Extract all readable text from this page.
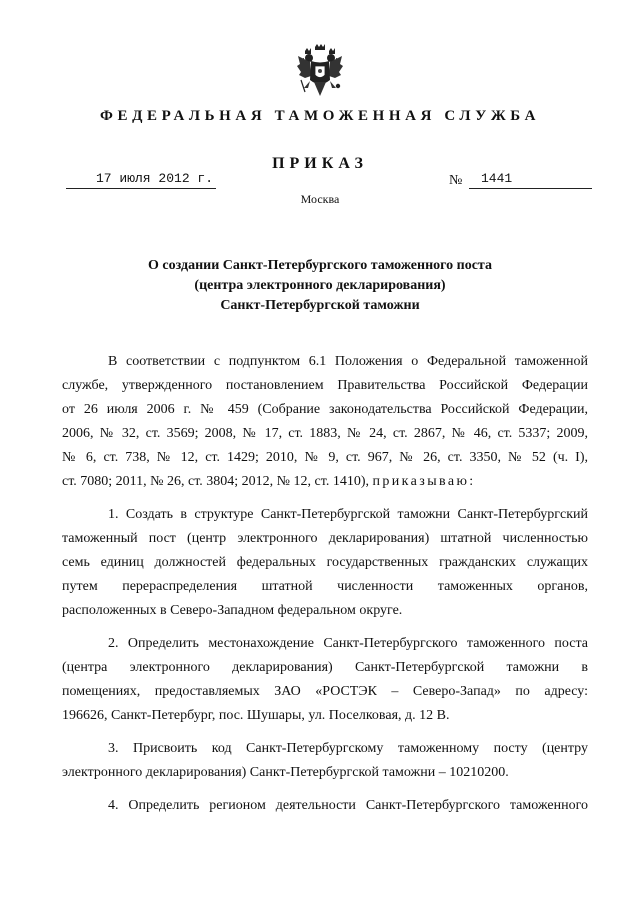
ФЕДЕРАЛЬНАЯ ТАМОЖЕННАЯ СЛУЖБА
ПРИКАЗ
17 июля 2012 г.	№	1441
Москва
О создании Санкт-Петербургского таможенного поста
(центра электронного декларирования)
Санкт-Петербургской таможни

В соответствии с подпунктом 6.1 Положения о Федеральной таможенной
службе, утвержденного постановлением Правительства Российской Федерации
от 26 июля 2006 г. № 459 (Собрание законодательства Российской Федерации,
2006, № 32, ст. 3569; 2008, № 17, ст. 1883, № 24, ст. 2867, № 46, ст. 5337; 2009,
№ 6, ст. 738, № 12, ст. 1429; 2010, № 9, ст. 967, № 26, ст. 3350, № 52 (ч. I),
ст. 7080; 2011, № 26, ст. 3804; 2012, № 12, ст. 1410), приказываю:

1. Создать в структуре Санкт-Петербургской таможни Санкт-Петербургский
таможенный пост (центр электронного декларирования) штатной численностью
семь единиц должностей федеральных государственных гражданских служащих
путем перераспределения штатной численности таможенных органов,
расположенных в Северо-Западном федеральном округе.

2. Определить местонахождение Санкт-Петербургского таможенного поста
(центра электронного декларирования) Санкт-Петербургской таможни в
помещениях, предоставляемых ЗАО «РОСТЭК – Северо-Запад» по адресу:
196626, Санкт-Петербург, пос. Шушары, ул. Поселковая, д. 12 В.

3. Присвоить код Санкт-Петербургскому таможенному посту (центру
электронного декларирования) Санкт-Петербургской таможни – 10210200.

4. Определить регионом деятельности Санкт-Петербургского таможенного
